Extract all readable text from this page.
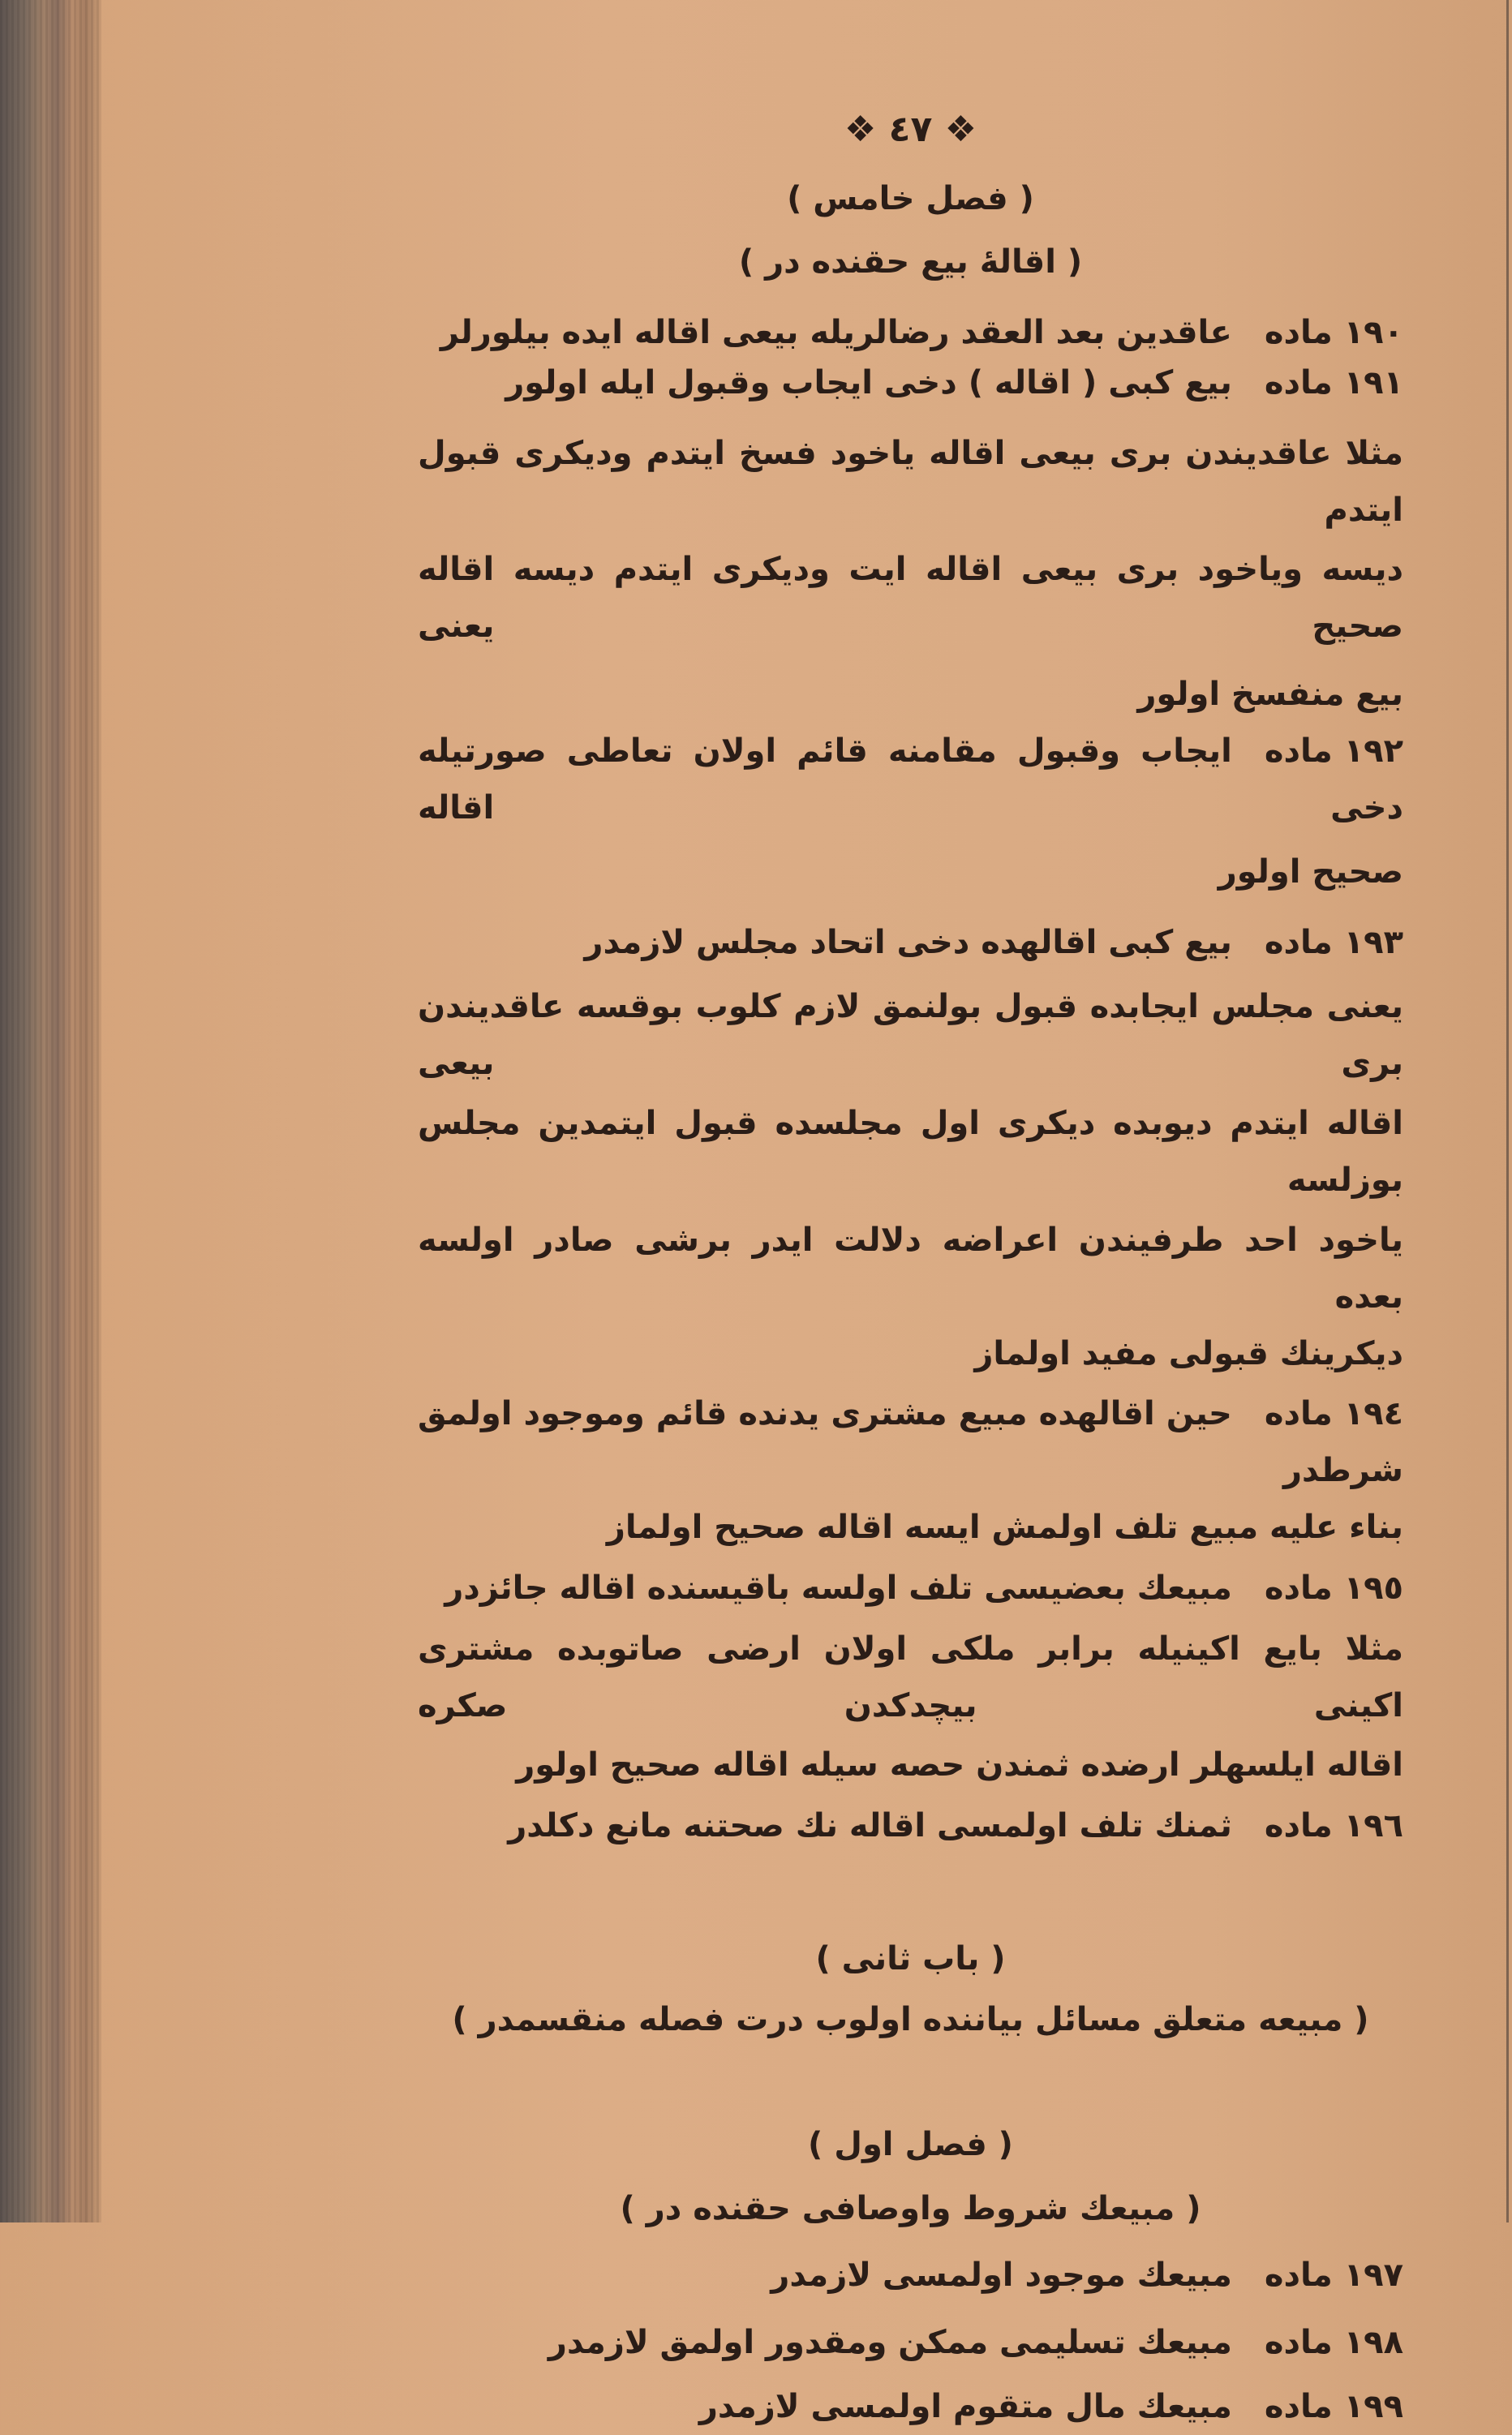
❖ ٤٧ ❖
( فصل خامس )
( اقالهٔ بيع حقنده در )
١٩٠ مادهعاقدين بعد العقد رضالريله بيعى اقاله ايده بيلورلر
١٩١ مادهبيع كبى ( اقاله ) دخى ايجاب وقبول ايله اولور
مثلا عاقديندن برى بيعى اقاله ياخود فسخ ايتدم وديكرى قبول ايتدم
ديسه وياخود برى بيعى اقاله ايت وديكرى ايتدم ديسه اقاله صحيح يعنى
بيع منفسخ اولور
١٩٢ مادهايجاب وقبول مقامنه قائم اولان تعاطى صورتيله دخى اقاله
صحيح اولور
١٩٣ مادهبيع كبى اقالهده دخى اتحاد مجلس لازمدر
يعنى مجلس ايجابده قبول بولنمق لازم كلوب بوقسه عاقديندن برى بيعى
اقاله ايتدم ديوبده ديكرى اول مجلسده قبول ايتمدين مجلس بوزلسه
ياخود احد طرفيندن اعراضه دلالت ايدر برشى صادر اولسه بعده
ديكرينك قبولى مفيد اولماز
١٩٤ مادهحين اقالهده مبيع مشترى يدنده قائم وموجود اولمق شرطدر
بناء عليه مبيع تلف اولمش ايسه اقاله صحيح اولماز
١٩٥ مادهمبيعك بعضيسى تلف اولسه باقيسنده اقاله جائزدر
مثلا بايع اكينيله برابر ملكى اولان ارضى صاتوبده مشترى اكينى بيچدكدن صكره
اقاله ايلسهلر ارضده ثمندن حصه سيله اقاله صحيح اولور
١٩٦ مادهثمنك تلف اولمسى اقاله نك صحتنه مانع دكلدر
( باب ثانى )
( مبيعه متعلق مسائل بياننده اولوب درت فصله منقسمدر )
( فصل اول )
( مبيعك شروط واوصافى حقنده در )
١٩٧ مادهمبيعك موجود اولمسى لازمدر
١٩٨ مادهمبيعك تسليمى ممكن ومقدور اولمق لازمدر
١٩٩ مادهمبيعك مال متقوم اولمسى لازمدر
